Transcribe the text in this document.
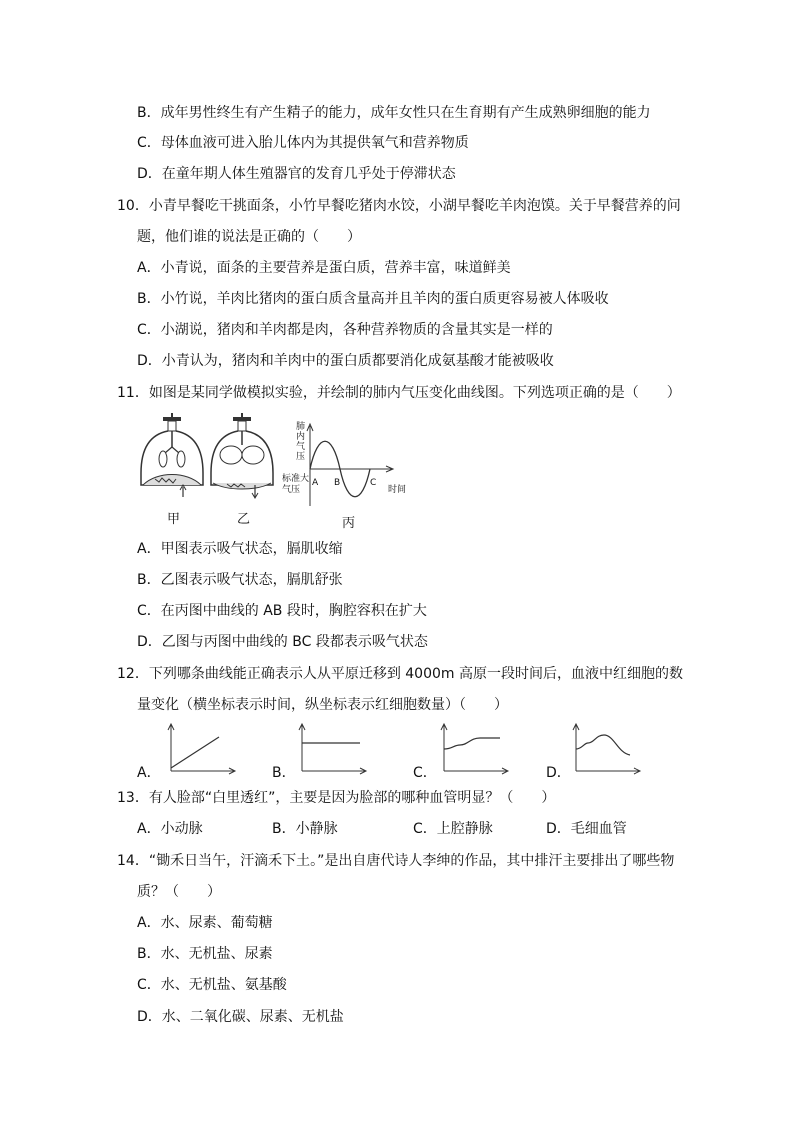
B．成年男性终生有产生精子的能力，成年女性只在生育期有产生成熟卵细胞的能力
C．母体血液可进入胎儿体内为其提供氧气和营养物质
D．在童年期人体生殖器官的发育几乎处于停滞状态
10．小青早餐吃干挑面条，小竹早餐吃猪肉水饺，小湖早餐吃羊肉泡馍。关于早餐营养的问
题，他们谁的说法是正确的（　　）
A．小青说，面条的主要营养是蛋白质，营养丰富，味道鲜美
B．小竹说，羊肉比猪肉的蛋白质含量高并且羊肉的蛋白质更容易被人体吸收
C．小湖说，猪肉和羊肉都是肉，各种营养物质的含量其实是一样的
D．小青认为，猪肉和羊肉中的蛋白质都要消化成氨基酸才能被吸收
11．如图是某同学做模拟实验，并绘制的肺内气压变化曲线图。下列选项正确的是（　　）
甲	乙
肺
内
气
压
标准大
气压
A B	C
时间
丙
A．甲图表示吸气状态，膈肌收缩
B．乙图表示吸气状态，膈肌舒张
C．在丙图中曲线的 AB 段时，胸腔容积在扩大
D．乙图与丙图中曲线的 BC 段都表示吸气状态
12．下列哪条曲线能正确表示人从平原迁移到 4000m 高原一段时间后，血液中红细胞的数
量变化（横坐标表示时间，纵坐标表示红细胞数量）（　　）
A．	B．	C．	D．
13．有人脸部“白里透红”，主要是因为脸部的哪种血管明显？（　　）
A．小动脉	B．小静脉	C．上腔静脉	D．毛细血管
14．“锄禾日当午，汗滴禾下土。”是出自唐代诗人李绅的作品，其中排汗主要排出了哪些物
质？（　　）
A．水、尿素、葡萄糖
B．水、无机盐、尿素
C．水、无机盐、氨基酸
D．水、二氧化碳、尿素、无机盐
